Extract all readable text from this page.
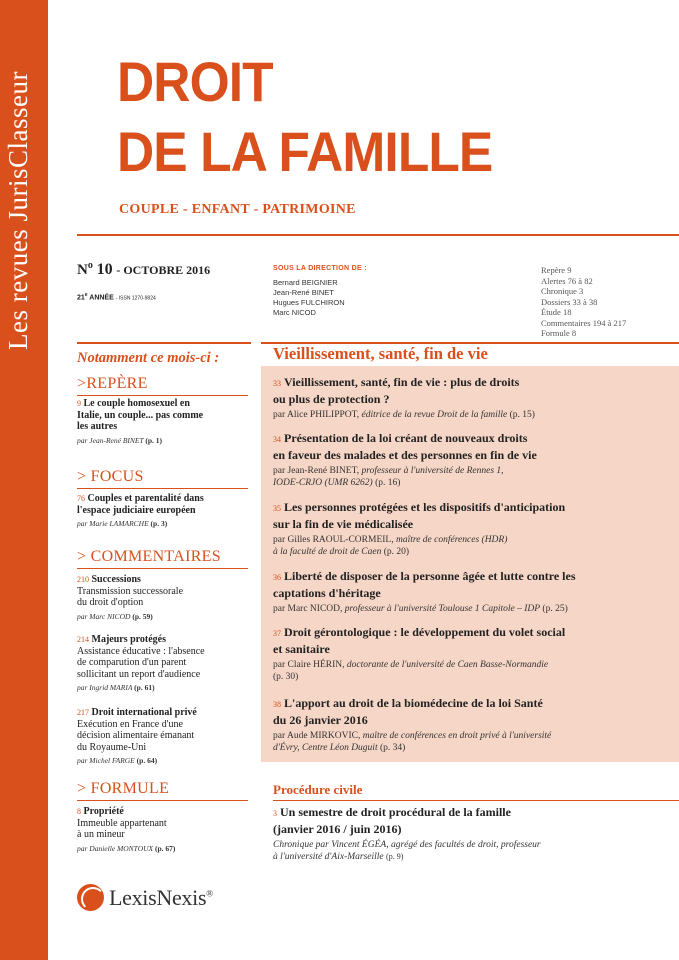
DROIT
DE LA FAMILLE
COUPLE - ENFANT - PATRIMOINE
$N^o$ 10 - OCTOBRE 2016
21e ANNÉE - ISSN 1270-9824
SOUS LA DIRECTION DE :
Bernard BEIGNIER
Jean-René BINET
Hugues FULCHIRON
Marc NICOD
Repère 9
Alertes 76 à 82
Chronique 3
Dossiers 33 à 38
Étude 18
Commentaires 194 à 217
Formule 8
Notamment ce mois-ci :
>REPÈRE
9 Le couple homosexuel en
Italie, un couple... pas comme
les autres
par Jean-René BINET (p. 1)
> FOCUS
76 Couples et parentalité dans
l'espace judiciaire européen
par Marie LAMARCHE (p. 3)
> COMMENTAIRES
210 Successions
Transmission successorale
du droit d'option
par Marc NICOD (p. 59)
214 Majeurs protégés
Assistance éducative : l'absence
de comparution d'un parent
sollicitant un report d'audience
par Ingrid MARIA (p. 61)
217 Droit international privé
Exécution en France d'une
décision alimentaire émanant
du Royaume-Uni
par Michel FARGE (p. 64)
> FORMULE
8 Propriété
Immeuble appartenant
à un mineur
par Danielle MONTOUX (p. 67)
Vieillissement, santé, fin de vie
33 Vieillissement, santé, fin de vie : plus de droits
ou plus de protection ?
par Alice PHILIPPOT, éditrice de la revue Droit de la famille (p. 15)
34 Présentation de la loi créant de nouveaux droits
en faveur des malades et des personnes en fin de vie
par Jean-René BINET, professeur à l'université de Rennes 1,
IODE-CRJO (UMR 6262) (p. 16)
35 Les personnes protégées et les dispositifs d'anticipation
sur la fin de vie médicalisée
par Gilles RAOUL-CORMEIL, maître de conférences (HDR)
à la faculté de droit de Caen (p. 20)
36 Liberté de disposer de la personne âgée et lutte contre les
captations d'héritage
par Marc NICOD, professeur à l'université Toulouse 1 Capitole – IDP (p. 25)
37 Droit gérontologique : le développement du volet social
et sanitaire
par Claire HÉRIN, doctorante de l'université de Caen Basse-Normandie
(p. 30)
38 L'apport au droit de la biomédecine de la loi Santé
du 26 janvier 2016
par Aude MIRKOVIC, maître de conférences en droit privé à l'université
d'Évry, Centre Léon Duguit (p. 34)
Procédure civile
3 Un semestre de droit procédural de la famille
(janvier 2016 / juin 2016)
Chronique par Vincent ÉGÉA, agrégé des facultés de droit, professeur
à l'université d'Aix-Marseille (p. 9)
LexisNexis®
